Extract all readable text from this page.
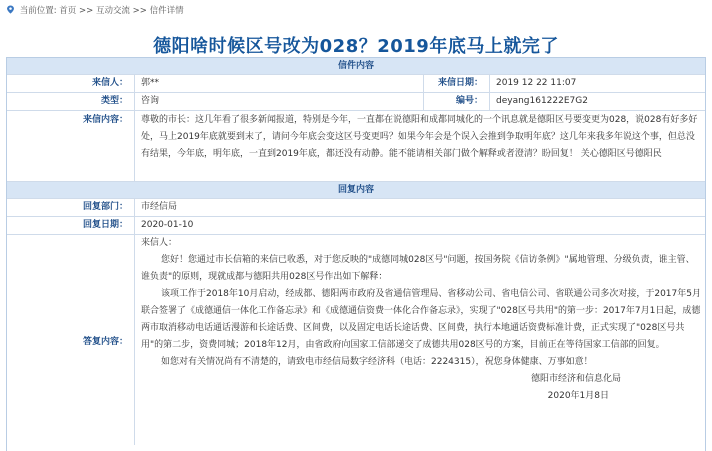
当前位置: 首页 >> 互动交流 >> 信件详情
德阳啥时候区号改为028？2019年底马上就完了
信件内容
来信人：	郭**	来信日期：	2019 12 22 11:07
类型：	咨询	编号：	deyang161222E7G2
来信内容：	尊敬的市长：这几年看了很多新闻报道，特别是今年，一直都在说德阳和成都同城化的一个讯息就是德阳区号要变更为028，说028有好多好处，马上2019年底就要到末了，请问今年底会变这区号变更吗？如果今年会是个误入会推到争取明年底？这几年来我多年说这个事，但总没有结果，今年底，明年底，一直到2019年底，都还没有动静。能不能请相关部门做个解释或者澄清？盼回复！ 关心德阳区号德阳民
回复内容
回复部门：	市经信局
回复日期：	2020-01-10
答复内容：

来信人：

您好！您通过市长信箱的来信已收悉，对于您反映的"成德同城028区号"问题，按国务院《信访条例》"属地管理、分级负责，谁主管、谁负责"的原则，现就成都与德阳共用028区号作出如下解释：

该项工作于2018年10月启动，经成都、德阳两市政府及省通信管理局、省移动公司、省电信公司、省联通公司多次对接，于2017年5月联合签署了《成德通信一体化工作备忘录》和《成德通信资费一体化合作备忘录》，实现了"028区号共用"的第一步：2017年7月1日起，成德两市取消移动电话通话漫游和长途话费、区间费，以及固定电话长途话费、区间费，执行本地通话资费标准计费，正式实现了"028区号共用"的第二步，资费同城；2018年12月，由省政府向国家工信部递交了成德共用028区号的方案，目前正在等待国家工信部的回复。

如您对有关情况尚有不清楚的，请致电市经信局数字经济科（电话：2224315），祝您身体健康、万事如意！

德阳市经济和信息化局

2020年1月8日
